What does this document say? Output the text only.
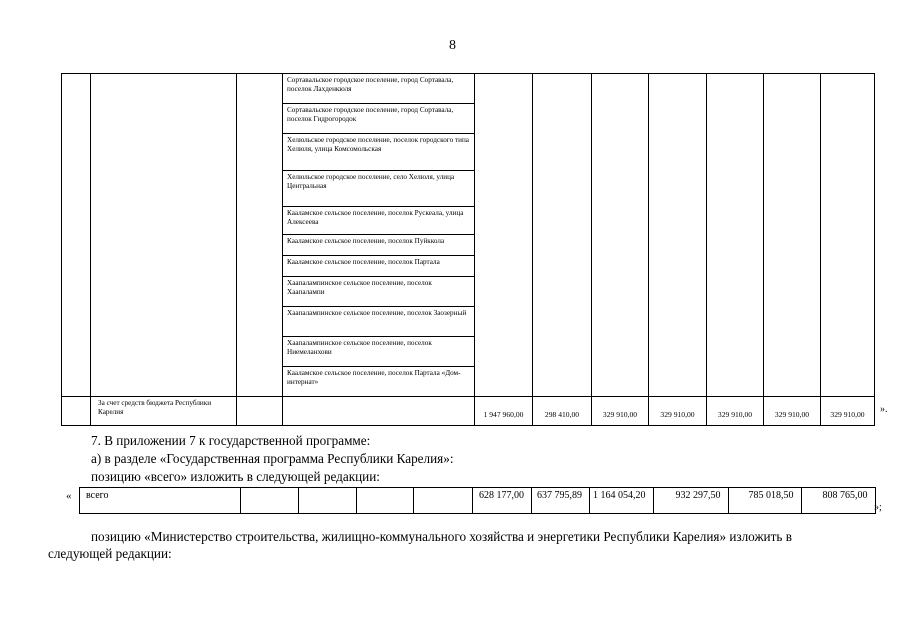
8
			Сортавальское городское поселение, город Сортавала, поселок Лахденкюля							
			Сортавальское городское поселение, город Сортавала, поселок Гидрогородок							
			Хелюльское городское поселение, поселок городского типа Хелюля, улица Комсомольская							
			Хелюльское городское поселение, село Хелюля, улица Центральная							
			Кааламское сельское поселение, поселок Рускеала, улица Алексеева							
			Кааламское сельское поселение, поселок Пуйккола							
			Кааламское сельское поселение, поселок Партала							
			Хаапалампинское сельское поселение, поселок Хаапалампи							
			Хаапалампинское сельское поселение, поселок Заозерный							
			Хаапалампинское сельское поселение, поселок Ниемеланхови							
			Кааламское сельское поселение, поселок Партала «Дом-интернат»							
	За счет средств бюджета Республики Карелия			1 947 960,00	298 410,00	329 910,00	329 910,00	329 910,00	329 910,00	329 910,00 ».
7. В приложении 7 к государственной программе:
а) в разделе «Государственная программа Республики Карелия»:
позицию «всего» изложить в следующей редакции:
« всего					628 177,00	637 795,89	1 164 054,20	932 297,50	785 018,50	808 765,00
»;
позицию «Министерство строительства, жилищно-коммунального хозяйства и энергетики Республики Карелия» изложить в
следующей редакции:
